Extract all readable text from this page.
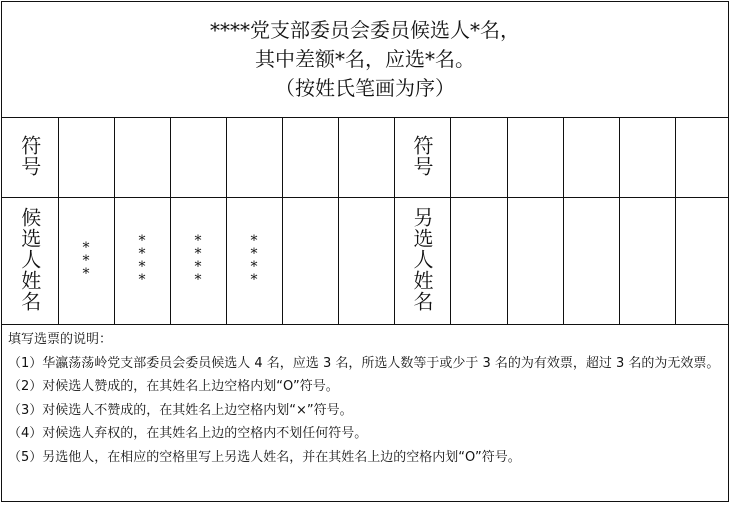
****党支部委员会委员候选人*名，
其中差额*名，应选*名。
（按姓氏笔画为序）
符号							符号					
候选人姓名	***	****	****	****			另选人姓名					

填写选票的说明：

（1）华瀛荡荡岭党支部委员会委员候选人 4 名，应选 3 名，所选人数等于或少于 3 名的为有效票，超过 3 名的为无效票。

（2）对候选人赞成的，在其姓名上边空格内划“O”符号。

（3）对候选人不赞成的，在其姓名上边空格内划“×”符号。

（4）对候选人弃权的，在其姓名上边的空格内不划任何符号。

（5）另选他人，在相应的空格里写上另选人姓名，并在其姓名上边的空格内划“O”符号。
